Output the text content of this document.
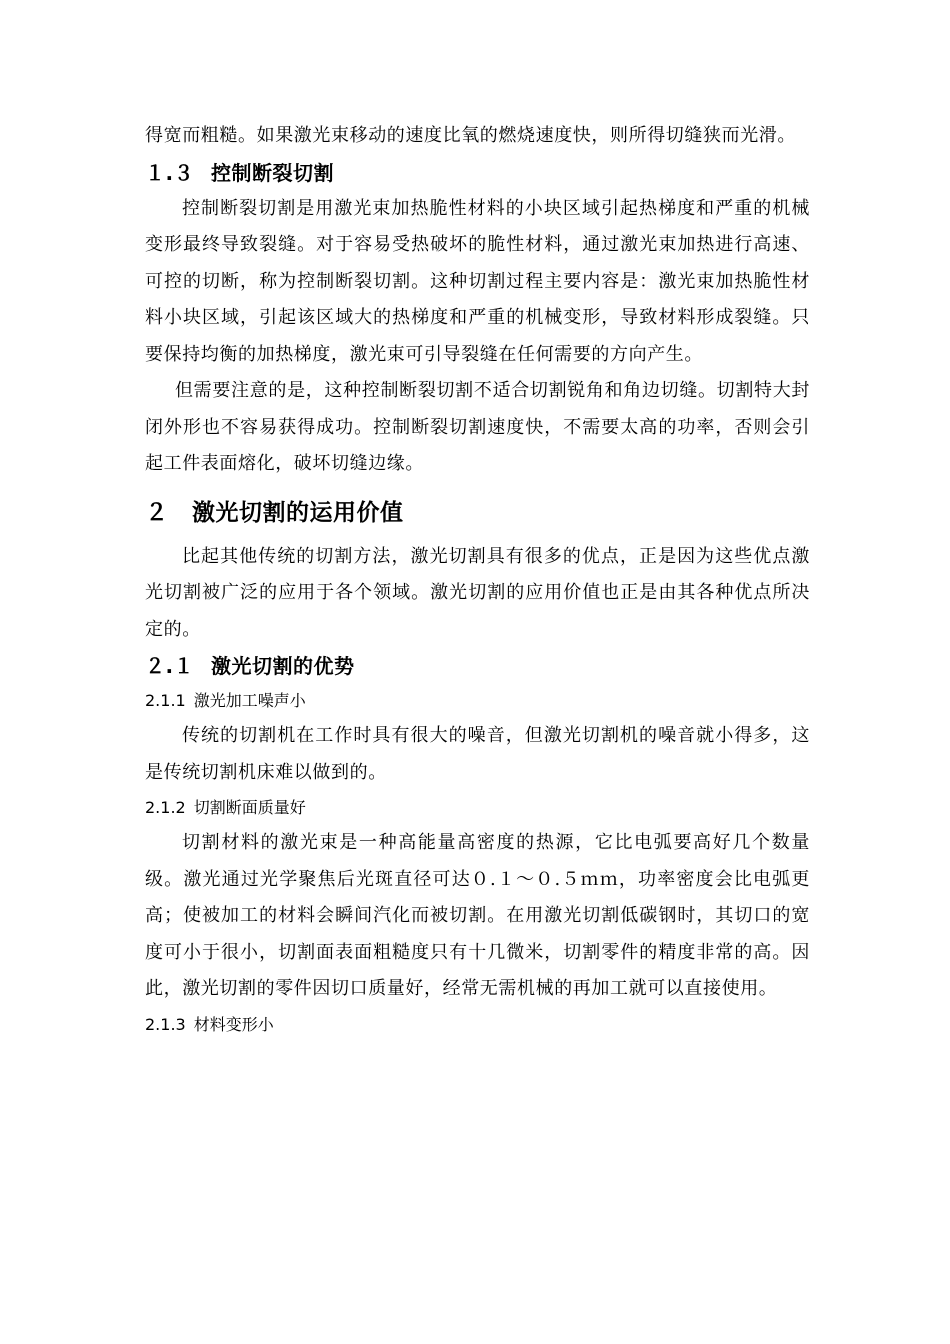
得宽而粗糙。如果激光束移动的速度比氧的燃烧速度快，则所得切缝狭而光滑。

１.３ 控制断裂切割

控制断裂切割是用激光束加热脆性材料的小块区域引起热梯度和严重的机械变形最终导致裂缝。对于容易受热破坏的脆性材料，通过激光束加热进行高速、可控的切断，称为控制断裂切割。这种切割过程主要内容是：激光束加热脆性材料小块区域，引起该区域大的热梯度和严重的机械变形，导致材料形成裂缝。只要保持均衡的加热梯度，激光束可引导裂缝在任何需要的方向产生。

但需要注意的是，这种控制断裂切割不适合切割锐角和角边切缝。切割特大封闭外形也不容易获得成功。控制断裂切割速度快，不需要太高的功率，否则会引起工件表面熔化，破坏切缝边缘。

２ 激光切割的运用价值

比起其他传统的切割方法，激光切割具有很多的优点，正是因为这些优点激光切割被广泛的应用于各个领域。激光切割的应用价值也正是由其各种优点所决定的。

２.１ 激光切割的优势
2.1.1 激光加工噪声小

传统的切割机在工作时具有很大的噪音，但激光切割机的噪音就小得多，这是传统切割机床难以做到的。

2.1.2 切割断面质量好

切割材料的激光束是一种高能量高密度的热源，它比电弧要高好几个数量级。激光通过光学聚焦后光斑直径可达０.１～０.５ｍｍ，功率密度会比电弧更高；使被加工的材料会瞬间汽化而被切割。在用激光切割低碳钢时，其切口的宽度可小于很小，切割面表面粗糙度只有十几微米，切割零件的精度非常的高。因此，激光切割的零件因切口质量好，经常无需机械的再加工就可以直接使用。

2.1.3 材料变形小
